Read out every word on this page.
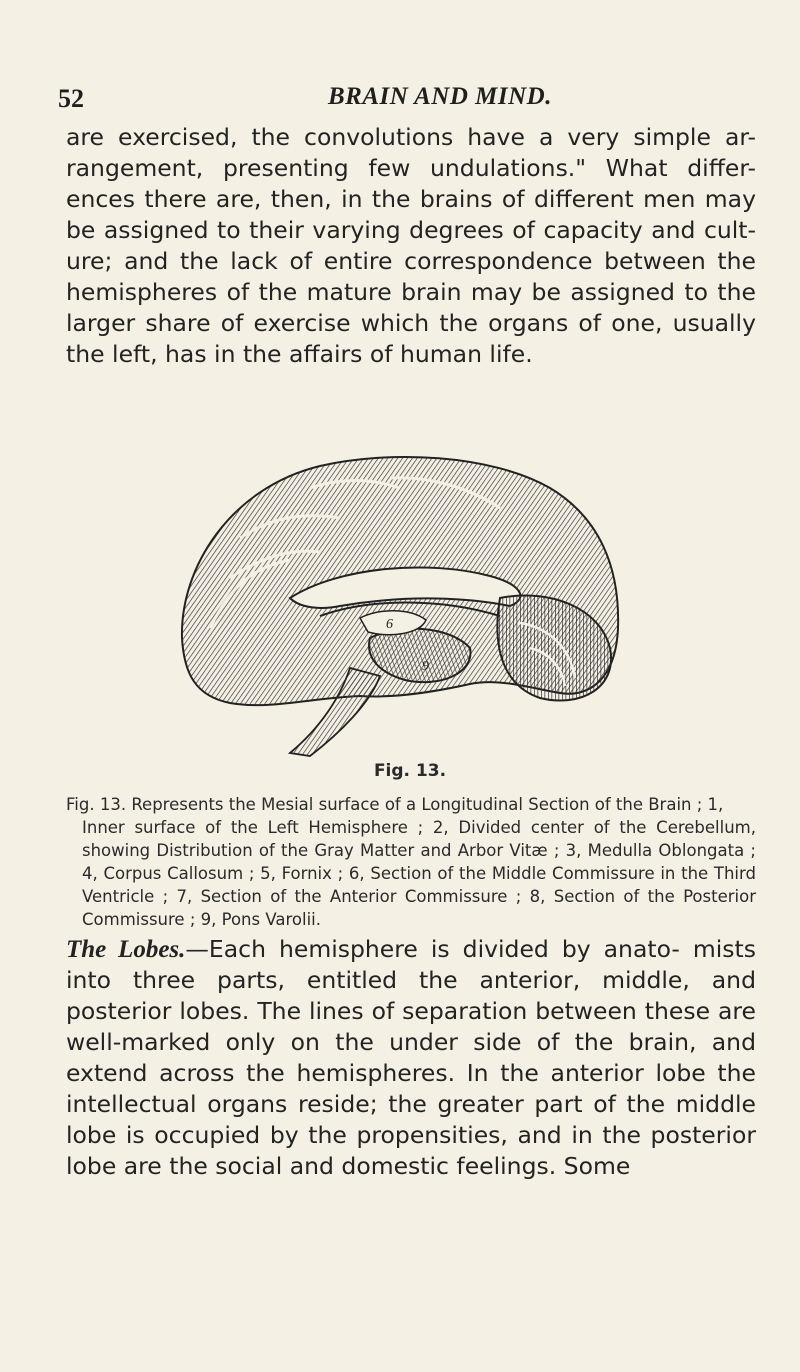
52	BRAIN AND MIND.
are exercised, the convolutions have a very simple ar- rangement, presenting few undulations." What differ- ences there are, then, in the brains of different men may be assigned to their varying degrees of capacity and cult- ure; and the lack of entire correspondence between the hemispheres of the mature brain may be assigned to the larger share of exercise which the organs of one, usually the left, has in the affairs of human life.
6
9
Fig. 13.
Fig. 13. Represents the Mesial surface of a Longitudinal Section of the Brain ; 1,
Inner surface of the Left Hemisphere ; 2, Divided center of the Cerebellum, showing Distribution of the Gray Matter and Arbor Vitæ ; 3, Medulla Oblongata ; 4, Corpus Callosum ; 5, Fornix ; 6, Section of the Middle Commissure in the Third Ventricle ; 7, Section of the Anterior Commissure ; 8, Section of the Posterior Commissure ; 9, Pons Varolii.
The Lobes.—Each hemisphere is divided by anato- mists into three parts, entitled the anterior, middle, and posterior lobes. The lines of separation between these are well-marked only on the under side of the brain, and extend across the hemispheres. In the anterior lobe the intellectual organs reside; the greater part of the middle lobe is occupied by the propensities, and in the posterior lobe are the social and domestic feelings. Some
